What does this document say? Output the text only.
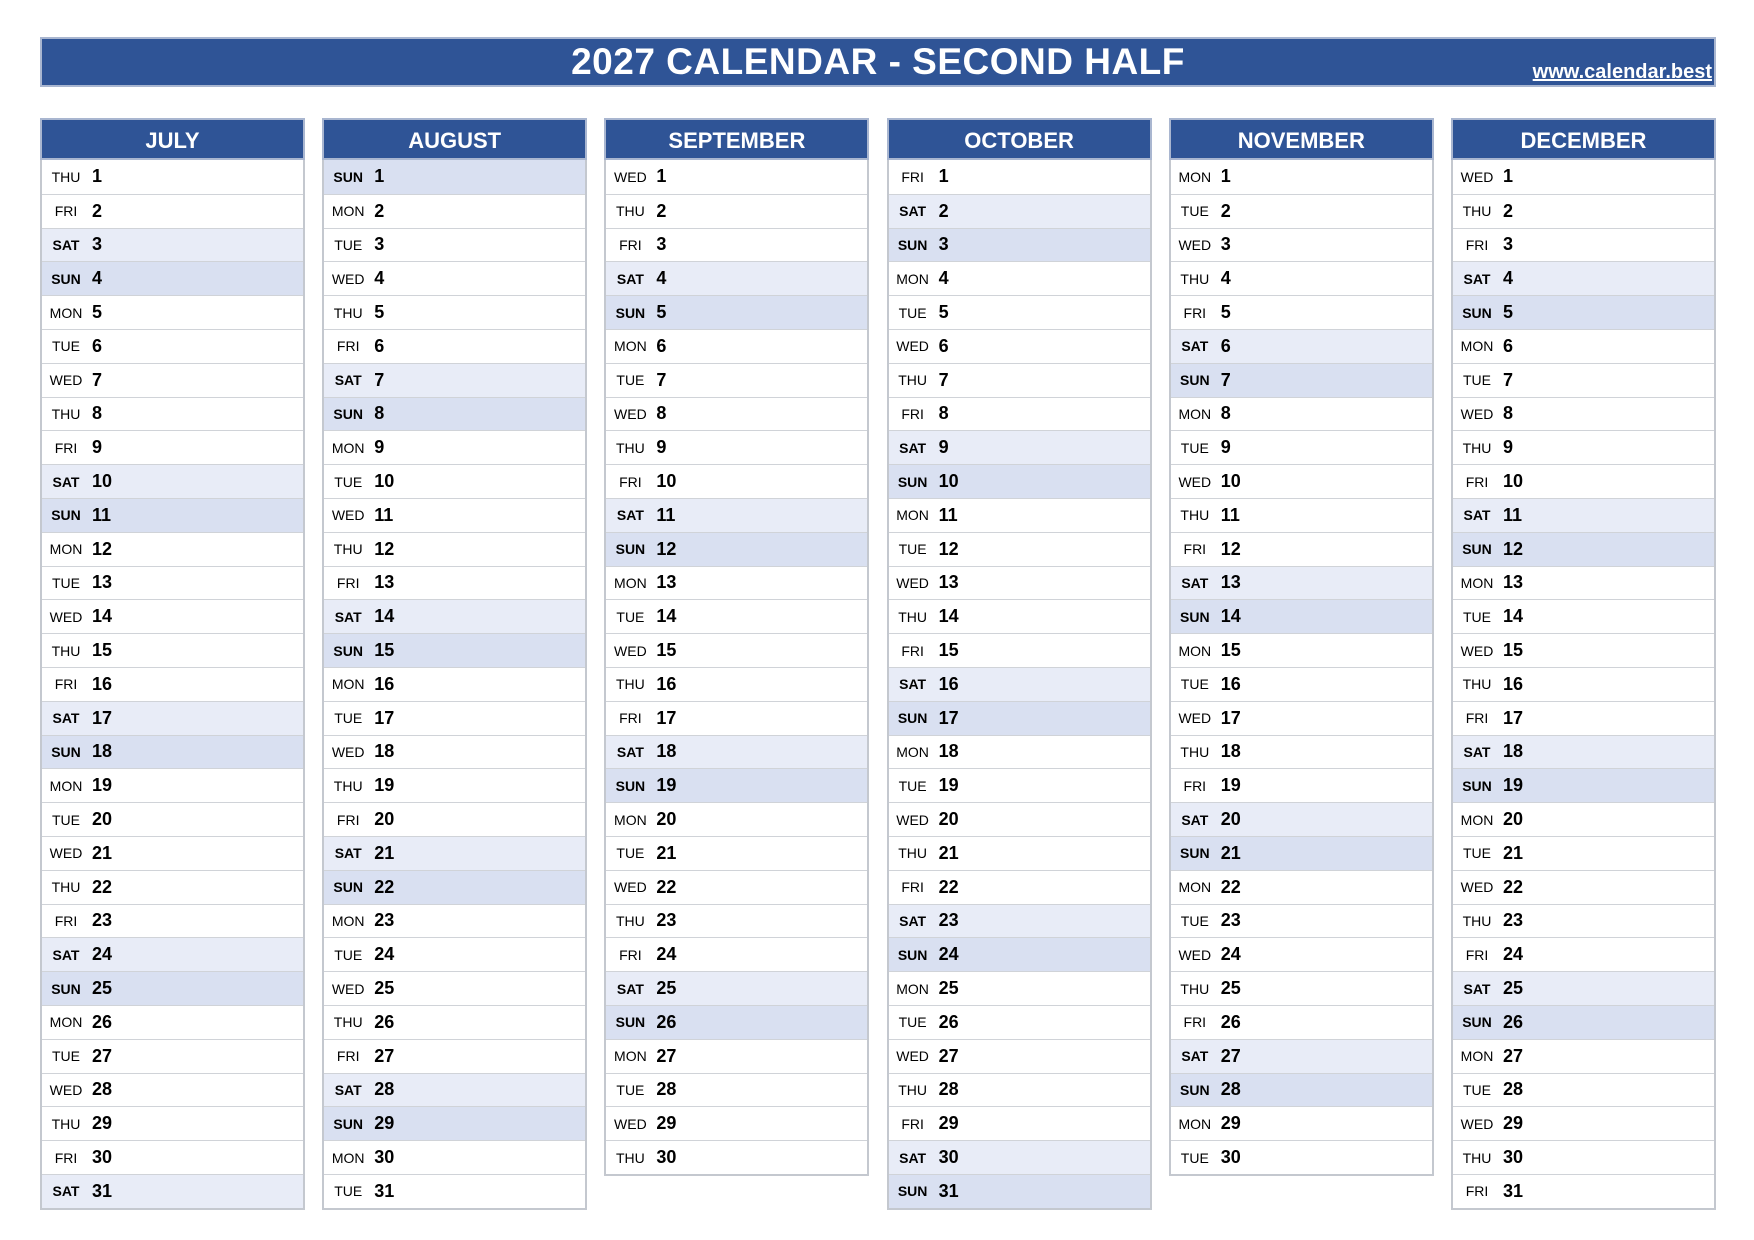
2027 CALENDAR - SECOND HALF	www.calendar.best
JULY
THU 1
FRI 2
SAT 3
SUN 4
MON 5
TUE 6
WED 7
THU 8
FRI 9
SAT 10
SUN 11
MON 12
TUE 13
WED 14
THU 15
FRI 16
SAT 17
SUN 18
MON 19
TUE 20
WED 21
THU 22
FRI 23
SAT 24
SUN 25
MON 26
TUE 27
WED 28
THU 29
FRI 30
SAT 31
AUGUST
SUN 1
MON 2
TUE 3
WED 4
THU 5
FRI 6
SAT 7
SUN 8
MON 9
TUE 10
WED 11
THU 12
FRI 13
SAT 14
SUN 15
MON 16
TUE 17
WED 18
THU 19
FRI 20
SAT 21
SUN 22
MON 23
TUE 24
WED 25
THU 26
FRI 27
SAT 28
SUN 29
MON 30
TUE 31
SEPTEMBER
WED 1
THU 2
FRI 3
SAT 4
SUN 5
MON 6
TUE 7
WED 8
THU 9
FRI 10
SAT 11
SUN 12
MON 13
TUE 14
WED 15
THU 16
FRI 17
SAT 18
SUN 19
MON 20
TUE 21
WED 22
THU 23
FRI 24
SAT 25
SUN 26
MON 27
TUE 28
WED 29
THU 30
OCTOBER
FRI 1
SAT 2
SUN 3
MON 4
TUE 5
WED 6
THU 7
FRI 8
SAT 9
SUN 10
MON 11
TUE 12
WED 13
THU 14
FRI 15
SAT 16
SUN 17
MON 18
TUE 19
WED 20
THU 21
FRI 22
SAT 23
SUN 24
MON 25
TUE 26
WED 27
THU 28
FRI 29
SAT 30
SUN 31
NOVEMBER
MON 1
TUE 2
WED 3
THU 4
FRI 5
SAT 6
SUN 7
MON 8
TUE 9
WED 10
THU 11
FRI 12
SAT 13
SUN 14
MON 15
TUE 16
WED 17
THU 18
FRI 19
SAT 20
SUN 21
MON 22
TUE 23
WED 24
THU 25
FRI 26
SAT 27
SUN 28
MON 29
TUE 30
DECEMBER
WED 1
THU 2
FRI 3
SAT 4
SUN 5
MON 6
TUE 7
WED 8
THU 9
FRI 10
SAT 11
SUN 12
MON 13
TUE 14
WED 15
THU 16
FRI 17
SAT 18
SUN 19
MON 20
TUE 21
WED 22
THU 23
FRI 24
SAT 25
SUN 26
MON 27
TUE 28
WED 29
THU 30
FRI 31
